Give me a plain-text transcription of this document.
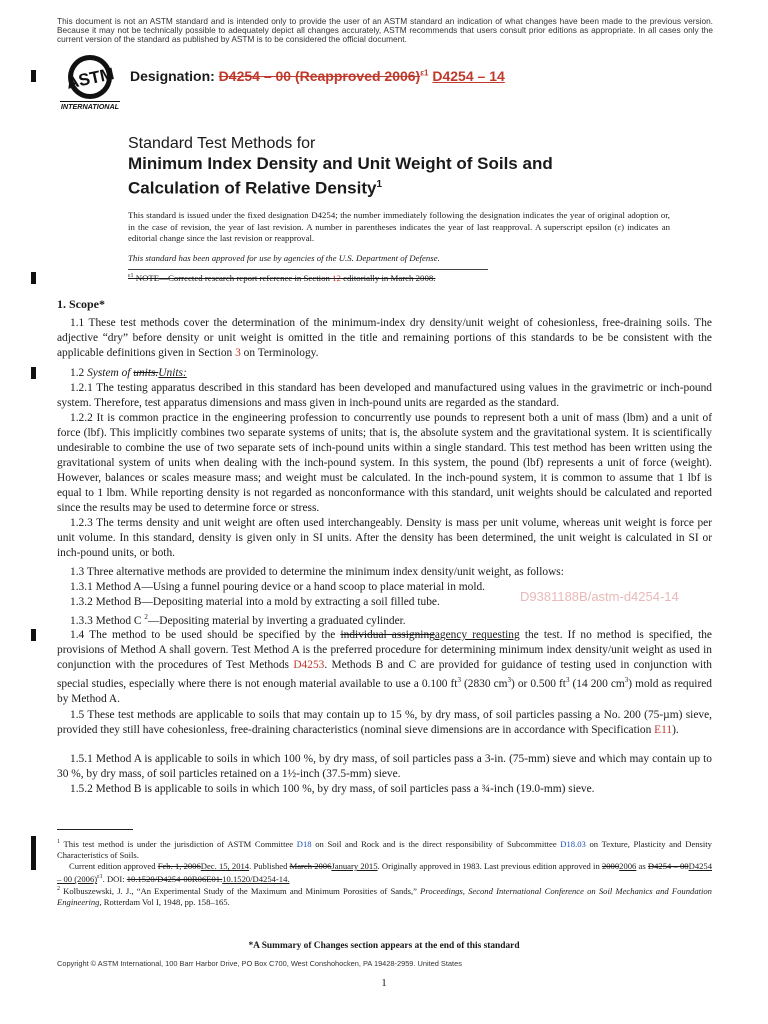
This document is not an ASTM standard and is intended only to provide the user of an ASTM standard an indication of what changes have been made to the previous version. Because it may not be technically possible to adequately depict all changes accurately, ASTM recommends that users consult prior editions as appropriate. In all cases only the current version of the standard as published by ASTM is to be considered the official document.
ASTM
INTERNATIONAL
Designation: D4254 – 00 (Reapproved 2006)$^{\varepsilon 1}$ D4254 – 14
Standard Test Methods for
Minimum Index Density and Unit Weight of Soils and
Calculation of Relative Density$^1$
This standard is issued under the fixed designation D4254; the number immediately following the designation indicates the year of original adoption or, in the case of revision, the year of last revision. A number in parentheses indicates the year of last reapproval. A superscript epsilon (ε) indicates an editorial change since the last revision or reapproval.
This standard has been approved for use by agencies of the U.S. Department of Defense.
$^{\varepsilon 1}$ NOTE—Corrected research report reference in Section 12 editorially in March 2008.
1. Scope*
1.1 These test methods cover the determination of the minimum-index dry density/unit weight of cohesionless, free-draining soils. The adjective “dry” before density or unit weight is omitted in the title and remaining portions of this standards to be be consistent with the applicable definitions given in Section 3 on Terminology.
1.2 System of units.Units:
1.2.1 The testing apparatus described in this standard has been developed and manufactured using values in the gravimetric or inch-pound system. Therefore, test apparatus dimensions and mass given in inch-pound units are regarded as the standard.
1.2.2 It is common practice in the engineering profession to concurrently use pounds to represent both a unit of mass (lbm) and a unit of force (lbf). This implicitly combines two separate systems of units; that is, the absolute system and the gravitational system. It is scientifically undesirable to combine the use of two separate sets of inch-pound units within a single standard. This test method has been written using the gravitational system of units when dealing with the inch-pound system. In this system, the pound (lbf) represents a unit of force (weight). However, balances or scales measure mass; and weight must be calculated. In the inch-pound system, it is common to assume that 1 lbf is equal to 1 lbm. While reporting density is not regarded as nonconformance with this standard, unit weights should be calculated and reported since the results may be used to determine force or stress.
1.2.3 The terms density and unit weight are often used interchangeably. Density is mass per unit volume, whereas unit weight is force per unit volume. In this standard, density is given only in SI units. After the density has been determined, the unit weight is calculated in SI or inch-pound units, or both.
1.3 Three alternative methods are provided to determine the minimum index density/unit weight, as follows:
1.3.1 Method A—Using a funnel pouring device or a hand scoop to place material in mold.
1.3.2 Method B—Depositing material into a mold by extracting a soil filled tube.
1.3.3 Method C $^2$—Depositing material by inverting a graduated cylinder.
1.4 The method to be used should be specified by the individual assigningagency requesting the test. If no method is specified, the provisions of Method A shall govern. Test Method A is the preferred procedure for determining minimum index density/unit weight as used in conjunction with the procedures of Test Methods D4253. Methods B and C are provided for guidance of testing used in conjunction with special studies, especially where there is not enough material available to use a 0.100 $ft^3$ (2830 $cm^3$) or 0.500 $ft^3$ (14 200 $cm^3$) mold as required by Method A.
1.5 These test methods are applicable to soils that may contain up to 15 %, by dry mass, of soil particles passing a No. 200 (75-µm) sieve, provided they still have cohesionless, free-draining characteristics (nominal sieve dimensions are in accordance with Specification E11).
1.5.1 Method A is applicable to soils in which 100 %, by dry mass, of soil particles pass a 3-in. (75-mm) sieve and which may contain up to 30 %, by dry mass, of soil particles retained on a 1½-inch (37.5-mm) sieve.
1.5.2 Method B is applicable to soils in which 100 %, by dry mass, of soil particles pass a ¾-inch (19.0-mm) sieve.
D9381188B/astm-d4254-14
$^1$ This test method is under the jurisdiction of ASTM Committee D18 on Soil and Rock and is the direct responsibility of Subcommittee D18.03 on Texture, Plasticity and Density Characteristics of Soils.
Current edition approved Feb. 1, 2006Dec. 15, 2014. Published March 2006January 2015. Originally approved in 1983. Last previous edition approved in 20002006 as D4254 – 00D4254 – 00 $(2006)^{\varepsilon 1}$. DOI: 10.1520/D4254-00R06E01.10.1520/D4254-14.
$^2$ Kolbuszewski, J. J., “An Experimental Study of the Maximum and Minimum Porosities of Sands,” Proceedings, Second International Conference on Soil Mechanics and Foundation Engineering, Rotterdam Vol I, 1948, pp. 158–165.
*A Summary of Changes section appears at the end of this standard
Copyright © ASTM International, 100 Barr Harbor Drive, PO Box C700, West Conshohocken, PA 19428-2959. United States
1
